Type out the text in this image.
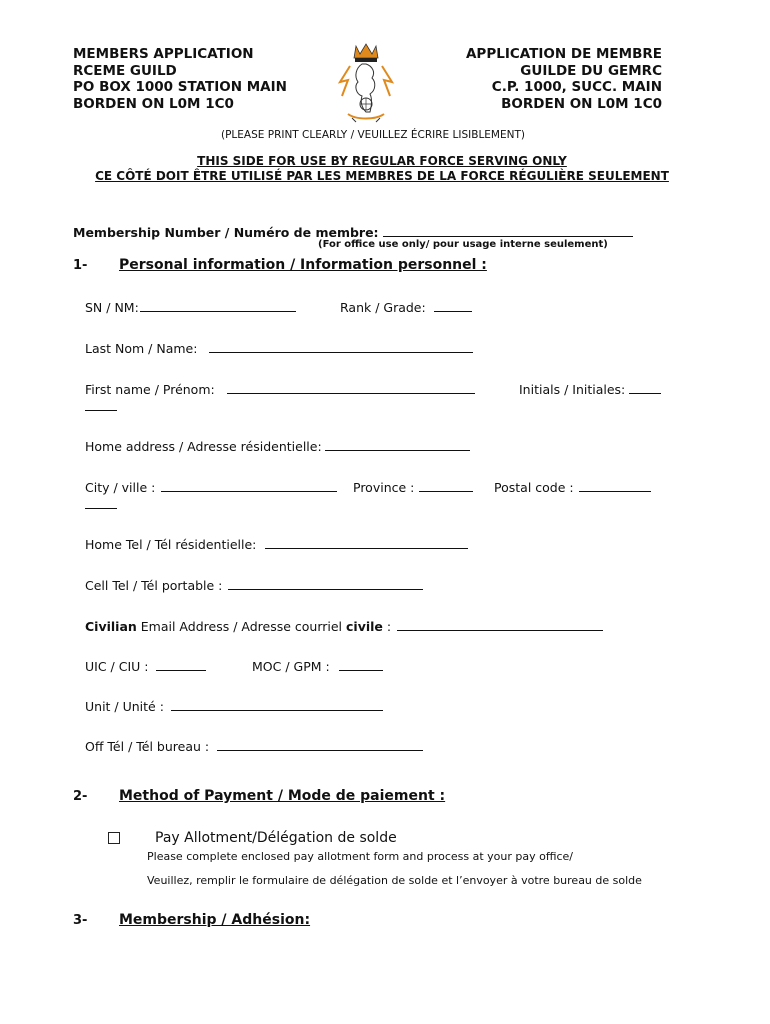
MEMBERS APPLICATION
RCEME GUILD
PO BOX 1000 STATION MAIN
BORDEN ON L0M 1C0
APPLICATION DE MEMBRE
GUILDE DU GEMRC
C.P. 1000, SUCC. MAIN
BORDEN ON L0M 1C0
(PLEASE PRINT CLEARLY / VEUILLEZ ÉCRIRE LISIBLEMENT)
THIS SIDE FOR USE BY REGULAR FORCE SERVING ONLY
CE CÔTÉ DOIT ÊTRE UTILISÉ PAR LES MEMBRES DE LA FORCE RÉGULIÈRE SEULEMENT
Membership Number / Numéro de membre:
(For office use only/ pour usage interne seulement)
1- Personal information / Information personnel :
SN / NM:	Rank / Grade:
Last Nom / Name:
First name / Prénom:	Initials / Initiales:
Home address / Adresse résidentielle:
City / ville :	Province :	Postal code :
Home Tel / Tél résidentielle:
Cell Tel / Tél portable :
Civilian Email Address / Adresse courriel civile :
UIC / CIU :	MOC / GPM :
Unit / Unité :
Off Tél / Tél bureau :
2- Method of Payment / Mode de paiement :
Pay Allotment/Délégation de solde
Please complete enclosed pay allotment form and process at your pay office/
Veuillez, remplir le formulaire de délégation de solde et l’envoyer à votre bureau de solde
3- Membership / Adhésion:
